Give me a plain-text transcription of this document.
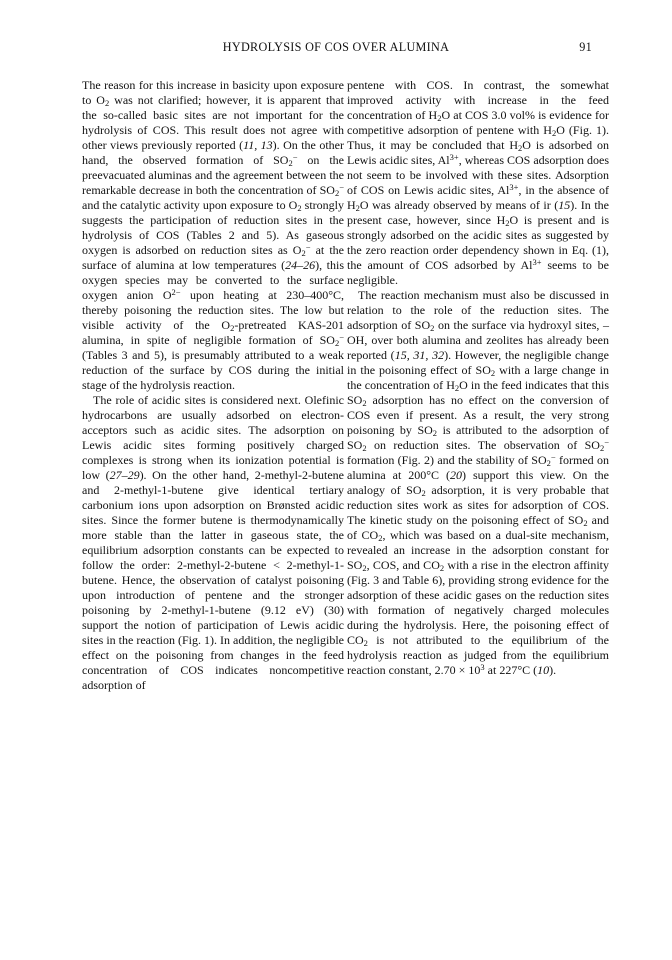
HYDROLYSIS OF COS OVER ALUMINA	91

The reason for this increase in basicity upon exposure to $O_2$ was not clarified; however, it is apparent that the so-called basic sites are not important for the hydrolysis of COS. This result does not agree with other views previously reported (11, 13). On the other hand, the observed formation of $SO_2^-$ on the preevacuated aluminas and the agreement between the remarkable decrease in both the concentration of $SO_2^-$ and the catalytic activity upon exposure to $O_2$ strongly suggests the participation of reduction sites in the hydrolysis of COS (Tables 2 and 5). As gaseous oxygen is adsorbed on reduction sites as $O_2^-$ at the surface of alumina at low temperatures (24–26), this oxygen species may be converted to the surface oxygen anion $O^{2-}$ upon heating at 230–400°C, thereby poisoning the reduction sites. The low but visible activity of the $O_2$-pretreated KAS-201 alumina, in spite of negligible formation of $SO_2^-$ (Tables 3 and 5), is presumably attributed to a weak reduction of the surface by COS during the initial stage of the hydrolysis reaction.

The role of acidic sites is considered next. Olefinic hydrocarbons are usually adsorbed on electron-acceptors such as acidic sites. The adsorption on Lewis acidic sites forming positively charged complexes is strong when its ionization potential is low (27–29). On the other hand, 2-methyl-2-butene and 2-methyl-1-butene give identical tertiary carbonium ions upon adsorption on Brønsted acidic sites. Since the former butene is thermodynamically more stable than the latter in gaseous state, the equilibrium adsorption constants can be expected to follow the order: 2-methyl-2-butene < 2-methyl-1-butene. Hence, the observation of catalyst poisoning upon introduction of pentene and the stronger poisoning by 2-methyl-1-butene (9.12 eV) (30) support the notion of participation of Lewis acidic sites in the reaction (Fig. 1). In addition, the negligible effect on the poisoning from changes in the feed concentration of COS indicates noncompetitive adsorption of

pentene with COS. In contrast, the somewhat improved activity with increase in the feed concentration of $H_2O$ at COS 3.0 vol% is evidence for competitive adsorption of pentene with $H_2O$ (Fig. 1). Thus, it may be concluded that $H_2O$ is adsorbed on Lewis acidic sites, $Al^{3+}$, whereas COS adsorption does not seem to be involved with these sites. Adsorption of COS on Lewis acidic sites, $Al^{3+}$, in the absence of $H_2O$ was already observed by means of ir (15). In the present case, however, since $H_2O$ is present and is strongly adsorbed on the acidic sites as suggested by the zero reaction order dependency shown in Eq. (1), the amount of COS adsorbed by $Al^{3+}$ seems to be negligible.

The reaction mechanism must also be discussed in relation to the role of the reduction sites. The adsorption of $SO_2$ on the surface via hydroxyl sites, –OH, over both alumina and zeolites has already been reported (15, 31, 32). However, the negligible change in the poisoning effect of $SO_2$ with a large change in the concentration of $H_2O$ in the feed indicates that this $SO_2$ adsorption has no effect on the conversion of COS even if present. As a result, the very strong poisoning by $SO_2$ is attributed to the adsorption of $SO_2$ on reduction sites. The observation of $SO_2^-$ formation (Fig. 2) and the stability of $SO_2^-$ formed on alumina at 200°C (20) support this view. On the analogy of $SO_2$ adsorption, it is very probable that reduction sites work as sites for adsorption of COS. The kinetic study on the poisoning effect of $SO_2$ and of $CO_2$, which was based on a dual-site mechanism, revealed an increase in the adsorption constant for $SO_2$, COS, and $CO_2$ with a rise in the electron affinity (Fig. 3 and Table 6), providing strong evidence for the adsorption of these acidic gases on the reduction sites with formation of negatively charged molecules during the hydrolysis. Here, the poisoning effect of $CO_2$ is not attributed to the equilibrium of the hydrolysis reaction as judged from the equilibrium reaction constant, $2.70 \times 10^3$ at 227°C (10).
